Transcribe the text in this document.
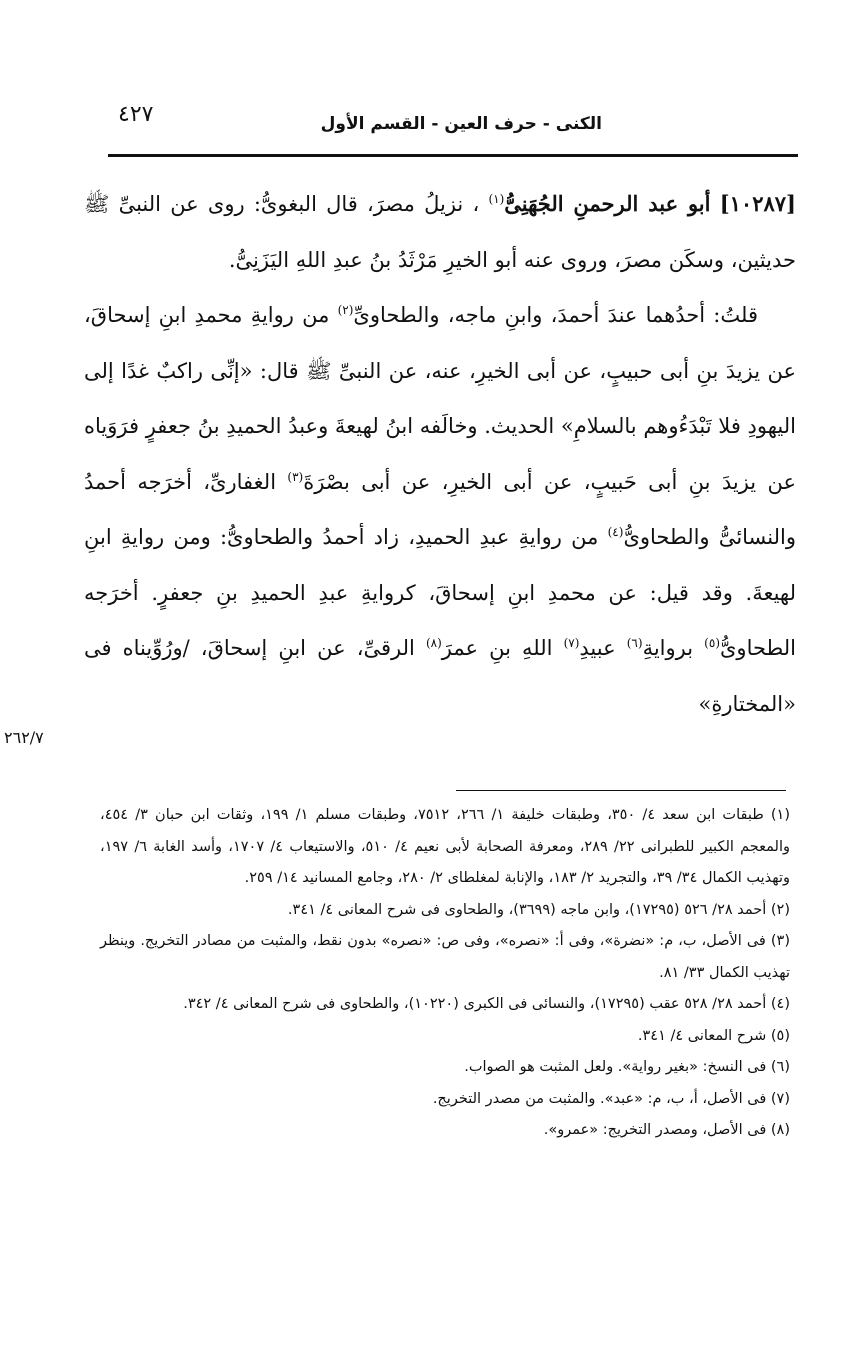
الكنى - حرف العين - القسم الأول
٤٢٧

[١٠٢٨٧] أبو عبد الرحمنِ الجُهَنِىُّ$^{(١)}$ ، نزيلُ مصرَ، قال البغوىُّ: روى عن النبىِّ ﷺ حديثين، وسكَن مصرَ، وروى عنه أبو الخيرِ مَرْثَدُ بنُ عبدِ اللهِ اليَزَنِىُّ.

قلتُ: أحدُهما عندَ أحمدَ، وابنِ ماجه، والطحاوىِّ$^{(٢)}$ من روايةِ محمدِ ابنِ إسحاقَ، عن يزيدَ بنِ أبى حبيبٍ، عن أبى الخيرِ، عنه، عن النبىِّ ﷺ قال: «إنِّى راكبٌ غدًا إلى اليهودِ فلا تَبْدَءُوهم بالسلامِ» الحديث. وخالَفه ابنُ لهيعةَ وعبدُ الحميدِ بنُ جعفرٍ فرَوَياه عن يزيدَ بنِ أبى حَبيبٍ، عن أبى الخيرِ، عن أبى بصْرَةَ$^{(٣)}$ الغفارىِّ، أخرَجه أحمدُ والنسائىُّ والطحاوىُّ$^{(٤)}$ من روايةِ عبدِ الحميدِ، زاد أحمدُ والطحاوىُّ: ومن روايةِ ابنِ لهيعةَ. وقد قيل: عن محمدِ ابنِ إسحاقَ، كروايةِ عبدِ الحميدِ بنِ جعفرٍ. أخرَجه الطحاوىُّ$^{(٥)}$ بروايةِ$^{(٦)}$ عبيدِ$^{(٧)}$ اللهِ بنِ عمرَ$^{(٨)}$ الرقىِّ، عن ابنِ إسحاقَ، /ورُوِّيناه فى «المختارةِ»

٢٦٢/٧

(١) طبقات ابن سعد ٤/ ٣٥٠، وطبقات خليفة ١/ ٢٦٦، ٧٥١٢، وطبقات مسلم ١/ ١٩٩، وثقات ابن حبان ٣/ ٤٥٤، والمعجم الكبير للطبرانى ٢٢/ ٢٨٩، ومعرفة الصحابة لأبى نعيم ٤/ ٥١٠، والاستيعاب ٤/ ١٧٠٧، وأسد الغابة ٦/ ١٩٧، وتهذيب الكمال ٣٤/ ٣٩، والتجريد ٢/ ١٨٣، والإنابة لمغلطاى ٢/ ٢٨٠، وجامع المسانيد ١٤/ ٢٥٩.

(٢) أحمد ٢٨/ ٥٢٦ (١٧٢٩٥)، وابن ماجه (٣٦٩٩)، والطحاوى فى شرح المعانى ٤/ ٣٤١.

(٣) فى الأصل، ب، م: «نضرة»، وفى أ: «نصره»، وفى ص: «نصره» بدون نقط، والمثبت من مصادر التخريج. وينظر تهذيب الكمال ٣٣/ ٨١.

(٤) أحمد ٢٨/ ٥٢٨ عقب (١٧٢٩٥)، والنسائى فى الكبرى (١٠٢٢٠)، والطحاوى فى شرح المعانى ٤/ ٣٤٢.

(٥) شرح المعانى ٤/ ٣٤١.

(٦) فى النسخ: «بغير رواية». ولعل المثبت هو الصواب.

(٧) فى الأصل، أ، ب، م: «عبد». والمثبت من مصدر التخريج.

(٨) فى الأصل، ومصدر التخريج: «عمرو».
